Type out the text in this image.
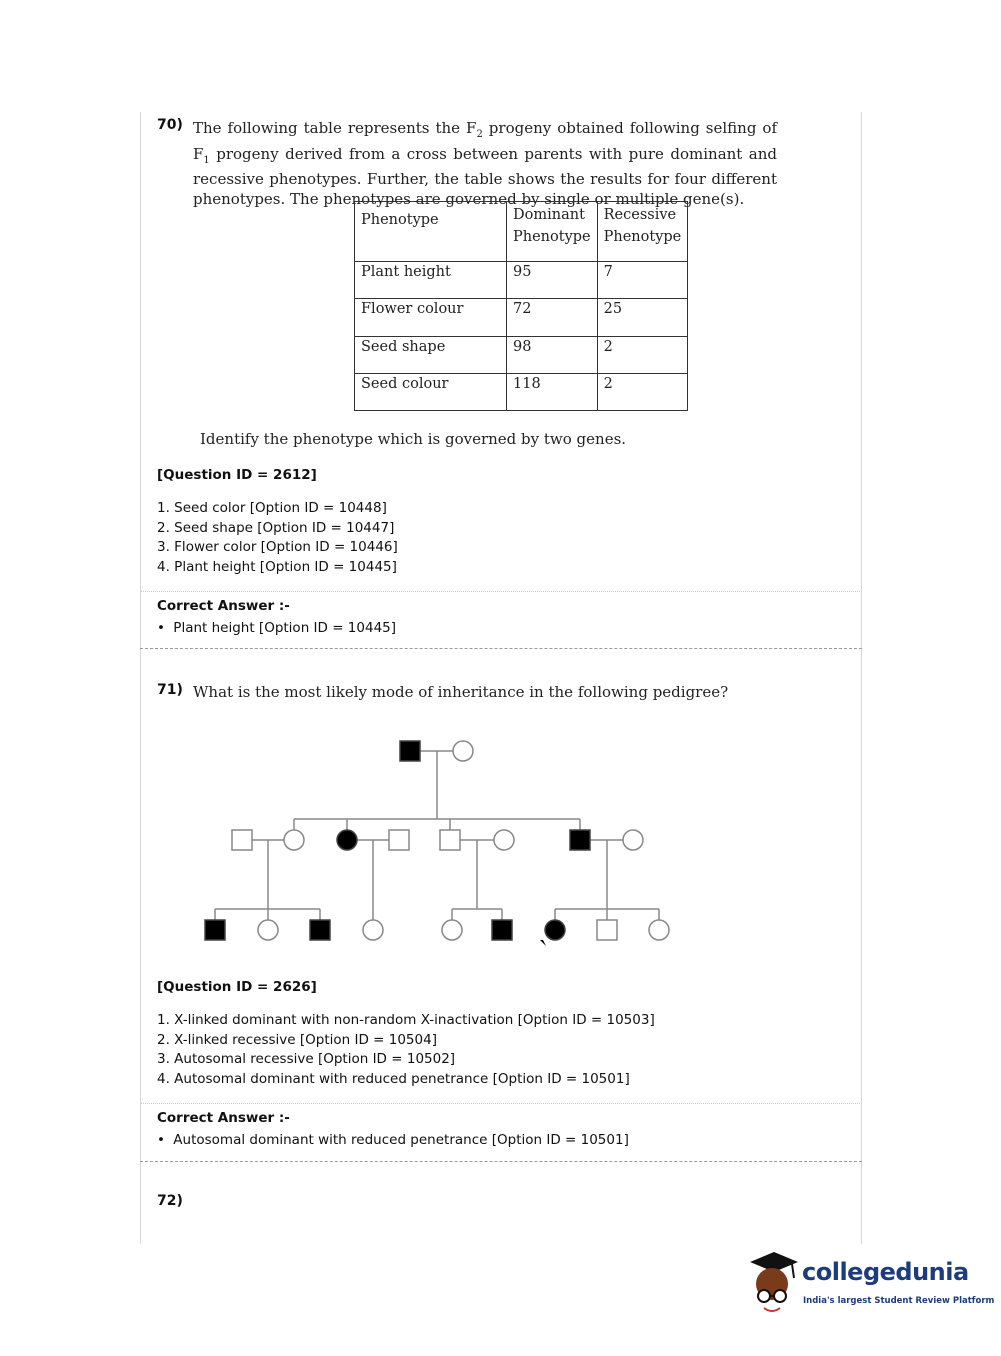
70) The following table represents the $F_2$ progeny obtained following selfing of $F_1$ progeny derived from a cross between parents with pure dominant and recessive phenotypes. Further, the table shows the results for four different phenotypes. The phenotypes are governed by single or multiple gene(s).
Phenotype	Dominant Phenotype	Recessive Phenotype
Plant height	95	7
Flower colour	72	25
Seed shape	98	2
Seed colour	118	2
Identify the phenotype which is governed by two genes.
[Question ID = 2612]
1. Seed color [Option ID = 10448]
2. Seed shape [Option ID = 10447]
3. Flower color [Option ID = 10446]
4. Plant height [Option ID = 10445]
Correct Answer :-
• Plant height [Option ID = 10445]
71) What is the most likely mode of inheritance in the following pedigree?
[Question ID = 2626]
1. X-linked dominant with non-random X-inactivation [Option ID = 10503]
2. X-linked recessive [Option ID = 10504]
3. Autosomal recessive [Option ID = 10502]
4. Autosomal dominant with reduced penetrance [Option ID = 10501]
Correct Answer :-
• Autosomal dominant with reduced penetrance [Option ID = 10501]
72)
collegedunia
India's largest Student Review Platform
